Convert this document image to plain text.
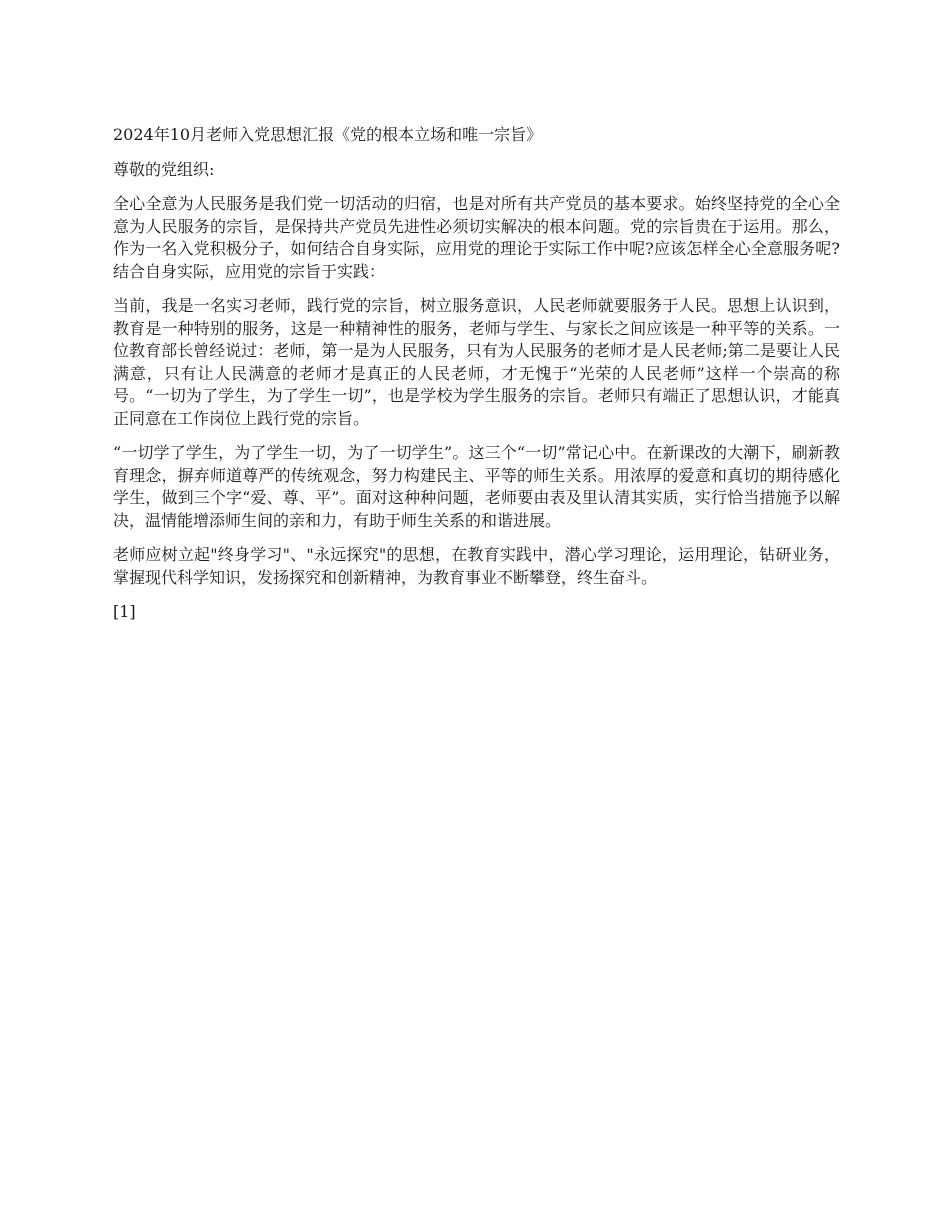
2024年10月老师入党思想汇报《党的根本立场和唯一宗旨》

尊敬的党组织:

全心全意为人民服务是我们党一切活动的归宿，也是对所有共产党员的基本要求。始终坚持党的全心全意为人民服务的宗旨，是保持共产党员先进性必须切实解决的根本问题。党的宗旨贵在于运用。那么，作为一名入党积极分子，如何结合自身实际，应用党的理论于实际工作中呢?应该怎样全心全意服务呢?结合自身实际，应用党的宗旨于实践：

当前，我是一名实习老师，践行党的宗旨，树立服务意识，人民老师就要服务于人民。思想上认识到，教育是一种特别的服务，这是一种精神性的服务，老师与学生、与家长之间应该是一种平等的关系。一位教育部长曾经说过：老师，第一是为人民服务，只有为人民服务的老师才是人民老师;第二是要让人民满意，只有让人民满意的老师才是真正的人民老师，才无愧于“光荣的人民老师”这样一个崇高的称号。“一切为了学生，为了学生一切”，也是学校为学生服务的宗旨。老师只有端正了思想认识，才能真正同意在工作岗位上践行党的宗旨。

“一切学了学生，为了学生一切，为了一切学生”。这三个“一切”常记心中。在新课改的大潮下，刷新教育理念，摒弃师道尊严的传统观念，努力构建民主、平等的师生关系。用浓厚的爱意和真切的期待感化学生，做到三个字“爱、尊、平”。面对这种种问题，老师要由表及里认清其实质，实行恰当措施予以解决，温情能增添师生间的亲和力，有助于师生关系的和谐进展。

老师应树立起"终身学习"、"永远探究"的思想，在教育实践中，潜心学习理论，运用理论，钻研业务，掌握现代科学知识，发扬探究和创新精神，为教育事业不断攀登，终生奋斗。

[1]
